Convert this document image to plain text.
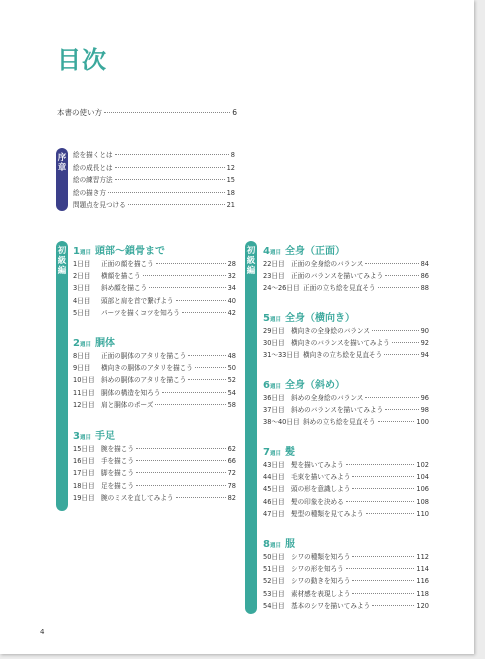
目次
本書の使い方	6
序
章
絵を描くとは	8
絵の成長とは	12
絵の練習方法	15
絵の描き方	18
問題点を見つける	21
初
級
編
初
級
編
1 週目 頭部〜鎖骨まで
1日目	正面の顔を描こう	28
2日目	横顔を描こう	32
3日目	斜め顔を描こう	34
4日目	頭部と肩を首で繋げよう	40
5日目	パーツを描くコツを知ろう	42
2 週目 胴体
8日目	正面の胴体のアタリを描こう	48
9日目	横向きの胴体のアタリを描こう	50
10日目 斜めの胴体のアタリを描こう	52
11日目 胴体の構造を知ろう	54
12日目 肩と胴体のポーズ	58
3 週目 手足
15日目 腕を描こう	62
16日目 手を描こう	66
17日目 脚を描こう	72
18日目 足を描こう	78
19日目 腕のミスを直してみよう	82
4 週目 全身（正面）
22日目 正面の全身絵のバランス	84
23日目 正面のバランスを描いてみよう	86
24〜26日目 正面の立ち絵を見直そう	88
5 週目 全身（横向き）
29日目 横向きの全身絵のバランス	90
30日目 横向きのバランスを描いてみよう	92
31〜33日目 横向きの立ち絵を見直そう	94
6 週目 全身（斜め）
36日目 斜めの全身絵のバランス	96
37日目 斜めのバランスを描いてみよう	98
38〜40日目 斜めの立ち絵を見直そう	100
7 週目 髪
43日目 髪を描いてみよう	102
44日目 毛束を描いてみよう	104
45日目 頭の形を意識しよう	106
46日目 髪の印象を決める	108
47日目 髪型の種類を見てみよう	110
8 週目 服
50日目 シワの種類を知ろう	112
51日目 シワの形を知ろう	114
52日目 シワの動きを知ろう	116
53日目 素材感を表現しよう	118
54日目 基本のシワを描いてみよう	120
4
